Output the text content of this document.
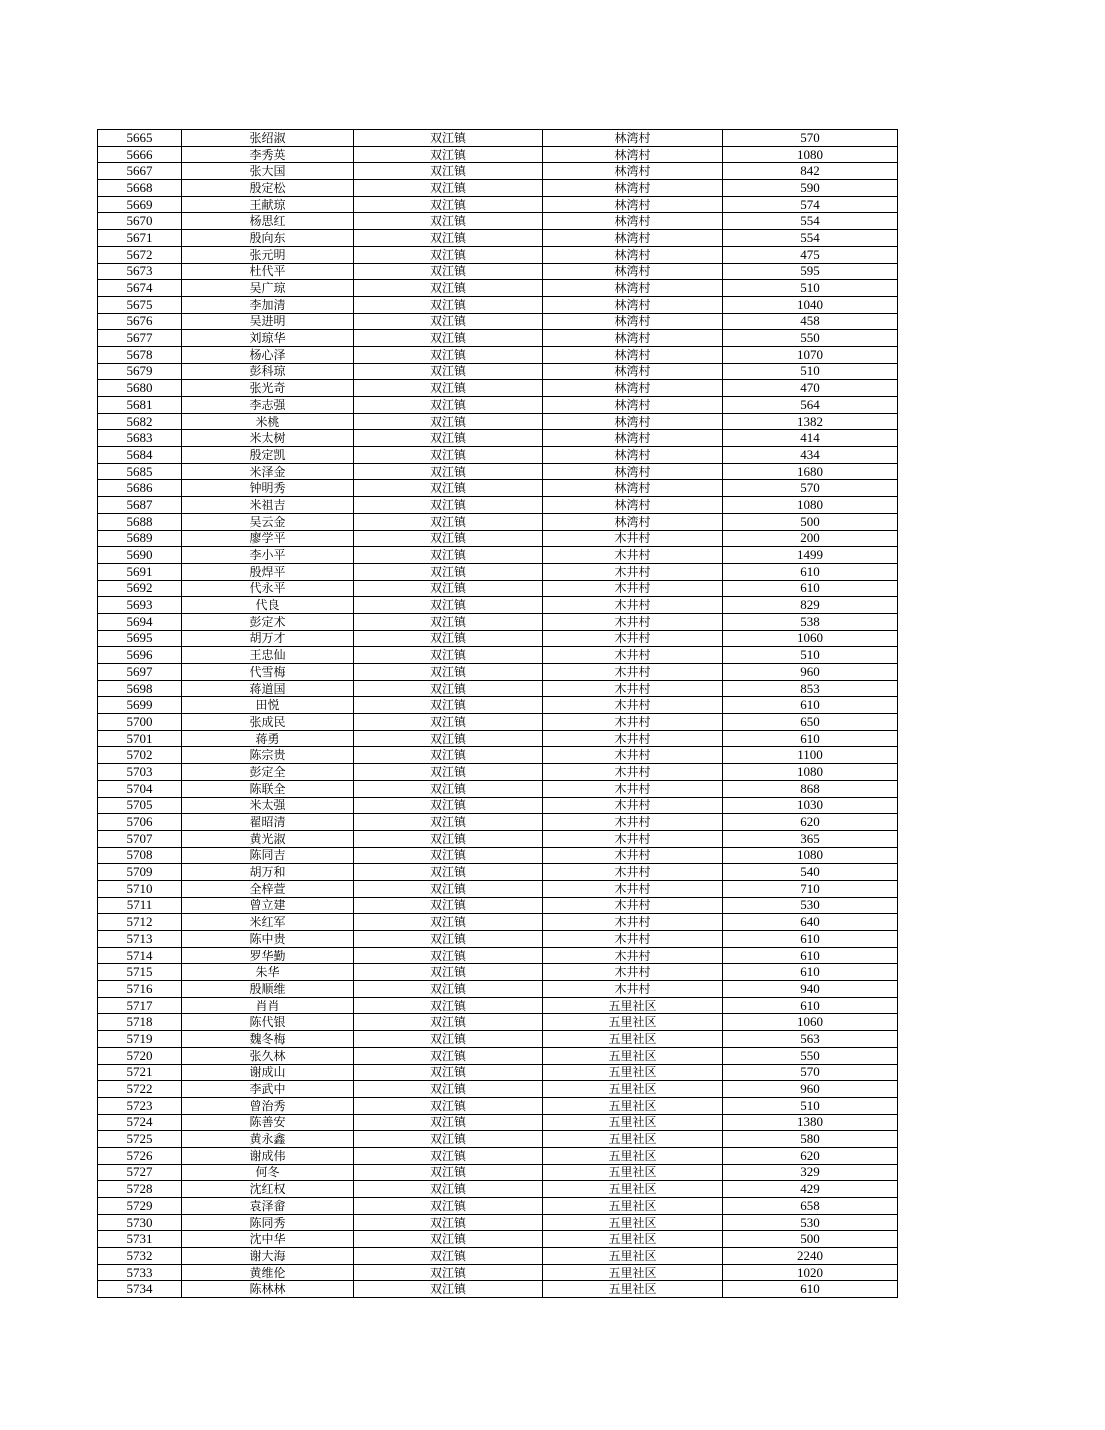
5665	张绍淑	双江镇	林湾村	570
5666	李秀英	双江镇	林湾村	1080
5667	张大国	双江镇	林湾村	842
5668	殷定松	双江镇	林湾村	590
5669	王献琼	双江镇	林湾村	574
5670	杨思红	双江镇	林湾村	554
5671	殷向东	双江镇	林湾村	554
5672	张元明	双江镇	林湾村	475
5673	杜代平	双江镇	林湾村	595
5674	吴广琼	双江镇	林湾村	510
5675	李加清	双江镇	林湾村	1040
5676	吴进明	双江镇	林湾村	458
5677	刘琼华	双江镇	林湾村	550
5678	杨心泽	双江镇	林湾村	1070
5679	彭科琼	双江镇	林湾村	510
5680	张光奇	双江镇	林湾村	470
5681	李志强	双江镇	林湾村	564
5682	米桃	双江镇	林湾村	1382
5683	米太树	双江镇	林湾村	414
5684	殷定凯	双江镇	林湾村	434
5685	米泽金	双江镇	林湾村	1680
5686	钟明秀	双江镇	林湾村	570
5687	米祖吉	双江镇	林湾村	1080
5688	吴云金	双江镇	林湾村	500
5689	廖学平	双江镇	木井村	200
5690	李小平	双江镇	木井村	1499
5691	殷焊平	双江镇	木井村	610
5692	代永平	双江镇	木井村	610
5693	代良	双江镇	木井村	829
5694	彭定术	双江镇	木井村	538
5695	胡万才	双江镇	木井村	1060
5696	王忠仙	双江镇	木井村	510
5697	代雪梅	双江镇	木井村	960
5698	蒋道国	双江镇	木井村	853
5699	田悦	双江镇	木井村	610
5700	张成民	双江镇	木井村	650
5701	蒋勇	双江镇	木井村	610
5702	陈宗贵	双江镇	木井村	1100
5703	彭定全	双江镇	木井村	1080
5704	陈联全	双江镇	木井村	868
5705	米太强	双江镇	木井村	1030
5706	翟昭清	双江镇	木井村	620
5707	黄光淑	双江镇	木井村	365
5708	陈同吉	双江镇	木井村	1080
5709	胡万和	双江镇	木井村	540
5710	全梓萱	双江镇	木井村	710
5711	曾立建	双江镇	木井村	530
5712	米红军	双江镇	木井村	640
5713	陈中贵	双江镇	木井村	610
5714	罗华勤	双江镇	木井村	610
5715	朱华	双江镇	木井村	610
5716	殷顺维	双江镇	木井村	940
5717	肖肖	双江镇	五里社区	610
5718	陈代银	双江镇	五里社区	1060
5719	魏冬梅	双江镇	五里社区	563
5720	张久林	双江镇	五里社区	550
5721	谢成山	双江镇	五里社区	570
5722	李武中	双江镇	五里社区	960
5723	曾治秀	双江镇	五里社区	510
5724	陈善安	双江镇	五里社区	1380
5725	黄永鑫	双江镇	五里社区	580
5726	谢成伟	双江镇	五里社区	620
5727	何冬	双江镇	五里社区	329
5728	沈红权	双江镇	五里社区	429
5729	袁泽畲	双江镇	五里社区	658
5730	陈同秀	双江镇	五里社区	530
5731	沈中华	双江镇	五里社区	500
5732	谢大海	双江镇	五里社区	2240
5733	黄维伦	双江镇	五里社区	1020
5734	陈林林	双江镇	五里社区	610
